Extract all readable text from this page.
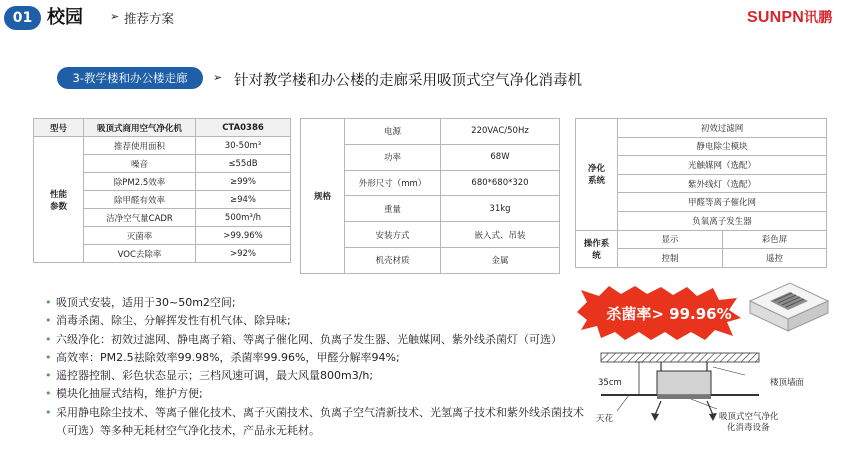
01 校园 ➢ 推荐方案	SUNPN讯鹏
3-教学楼和办公楼走廊	➢ 针对教学楼和办公楼的走廊采用吸顶式空气净化消毒机
型号	吸顶式商用空气净化机	CTA0386
性能
参数	推荐使用面积	30-50m³
	噪音	≤55dB
	除PM2.5效率	≥99%
	除甲醛有效率	≥94%
	洁净空气量CADR	500m³/h
	灭菌率	>99.96%
	VOC去除率	>92%
规格	电源	220VAC/50Hz
	功率	68W
	外形尺寸（mm）	680*680*320
	重量	31kg
	安装方式	嵌入式、吊装
	机壳材质	金属
净化
系统	初效过滤网	
	静电除尘模块	
	光触媒网（选配）	
	紫外线灯（选配）	
	甲醛等离子催化网	
	负氧离子发生器	
操作系
统	显示	彩色屏
	控制	遥控
• 吸顶式安装，适用于30~50m2空间;
• 消毒杀菌、除尘、分解挥发性有机气体、除异味;
• 六级净化：初效过滤网、静电离子箱、等离子催化网、负离子发生器、光触媒网、紫外线杀菌灯（可选）
• 高效率：PM2.5祛除效率99.98%，杀菌率99.96%，甲醛分解率94%;
• 遥控器控制、彩色状态显示；三档风速可调，最大风量800m3/h;
• 模块化抽屉式结构，维护方便;
• 采用静电除尘技术、等离子催化技术、离子灭菌技术、负离子空气清新技术、光氢离子技术和紫外线杀菌技术
（可选）等多种无耗材空气净化技术，产品永无耗材。
杀菌率> 99.96%
35cm
天花
楼顶墙面
吸顶式空气净化
化消毒设备
